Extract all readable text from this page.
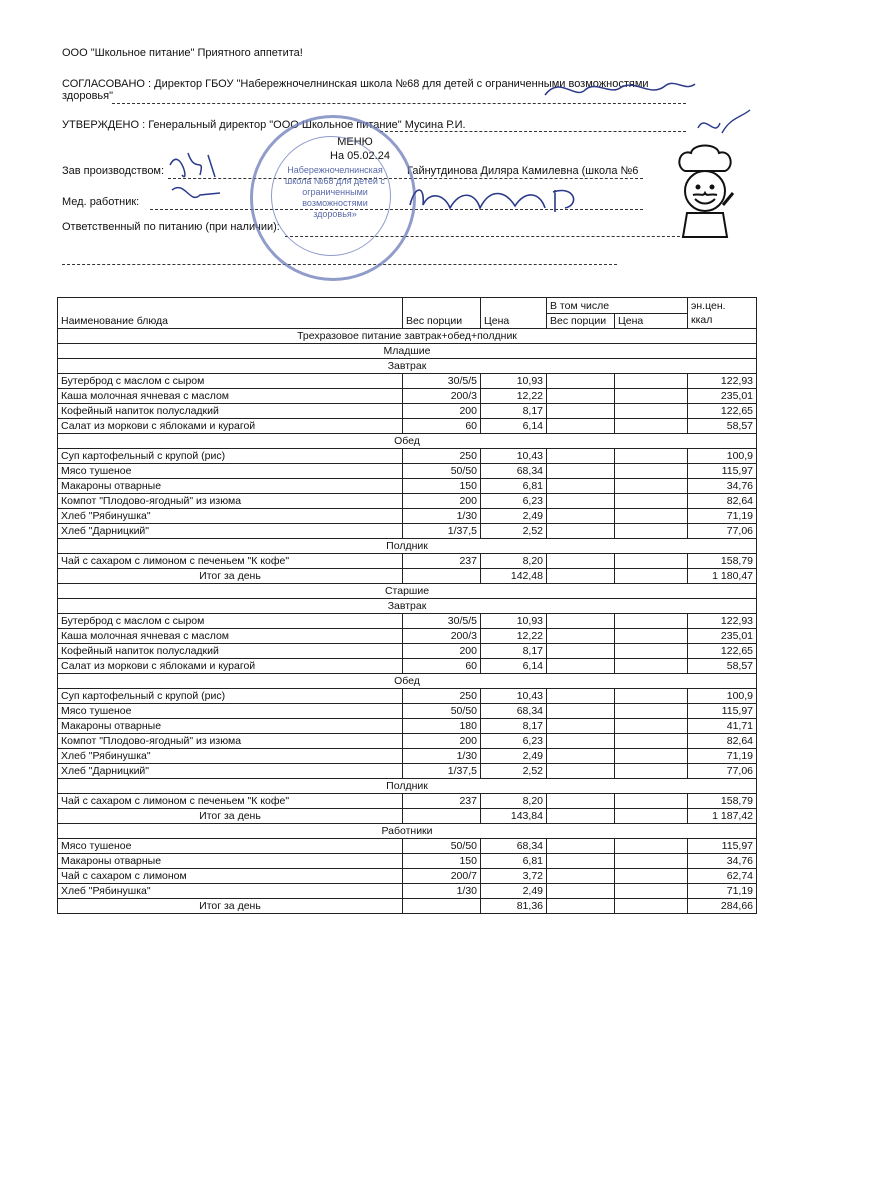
ООО "Школьное питание" Приятного аппетита!
СОГЛАСОВАНО : Директор ГБОУ "Набережночелнинская школа №68 для детей с ограниченными возможностями
здоровья"
УТВЕРЖДЕНО : Генеральный директор "ООО Школьное питание" Мусина Р.И.
МЕНЮ
На 05.02.24
Зав производством:	Гайнутдинова Диляра Камилевна (школа №6
Мед. работник:
Ответственный по питанию (при наличии):
Набережночелнинская школа №68 для детей с ограниченными возможностями здоровья»
Наименование блюда	Вес порции	Цена	В том числе		эн.цен.
ккал

			Вес порции	Цена	
Трехразовое питание завтрак+обед+полдник					
Младшие					
Завтрак					
Бутерброд с маслом с сыром	30/5/5	10,93			122,93
Каша молочная ячневая с маслом	200/3	12,22			235,01
Кофейный напиток полусладкий	200	8,17			122,65
Салат из моркови с яблоками и курагой	60	6,14			58,57
Обед					
Суп картофельный с крупой (рис)	250	10,43			100,9
Мясо тушеное	50/50	68,34			115,97
Макароны отварные	150	6,81			34,76
Компот "Плодово-ягодный" из изюма	200	6,23			82,64
Хлеб "Рябинушка"	1/30	2,49			71,19
Хлеб "Дарницкий"	1/37,5	2,52			77,06
Полдник					
Чай с сахаром с лимоном с печеньем "К кофе"	237	8,20			158,79
Итог за день		142,48			1 180,47
Старшие					
Завтрак					
Бутерброд с маслом с сыром	30/5/5	10,93			122,93
Каша молочная ячневая с маслом	200/3	12,22			235,01
Кофейный напиток полусладкий	200	8,17			122,65
Салат из моркови с яблоками и курагой	60	6,14			58,57
Обед					
Суп картофельный с крупой (рис)	250	10,43			100,9
Мясо тушеное	50/50	68,34			115,97
Макароны отварные	180	8,17			41,71
Компот "Плодово-ягодный" из изюма	200	6,23			82,64
Хлеб "Рябинушка"	1/30	2,49			71,19
Хлеб "Дарницкий"	1/37,5	2,52			77,06
Полдник					
Чай с сахаром с лимоном с печеньем "К кофе"	237	8,20			158,79
Итог за день		143,84			1 187,42
Работники					
Мясо тушеное	50/50	68,34			115,97
Макароны отварные	150	6,81			34,76
Чай с сахаром с лимоном	200/7	3,72			62,74
Хлеб "Рябинушка"	1/30	2,49			71,19
Итог за день		81,36			284,66
